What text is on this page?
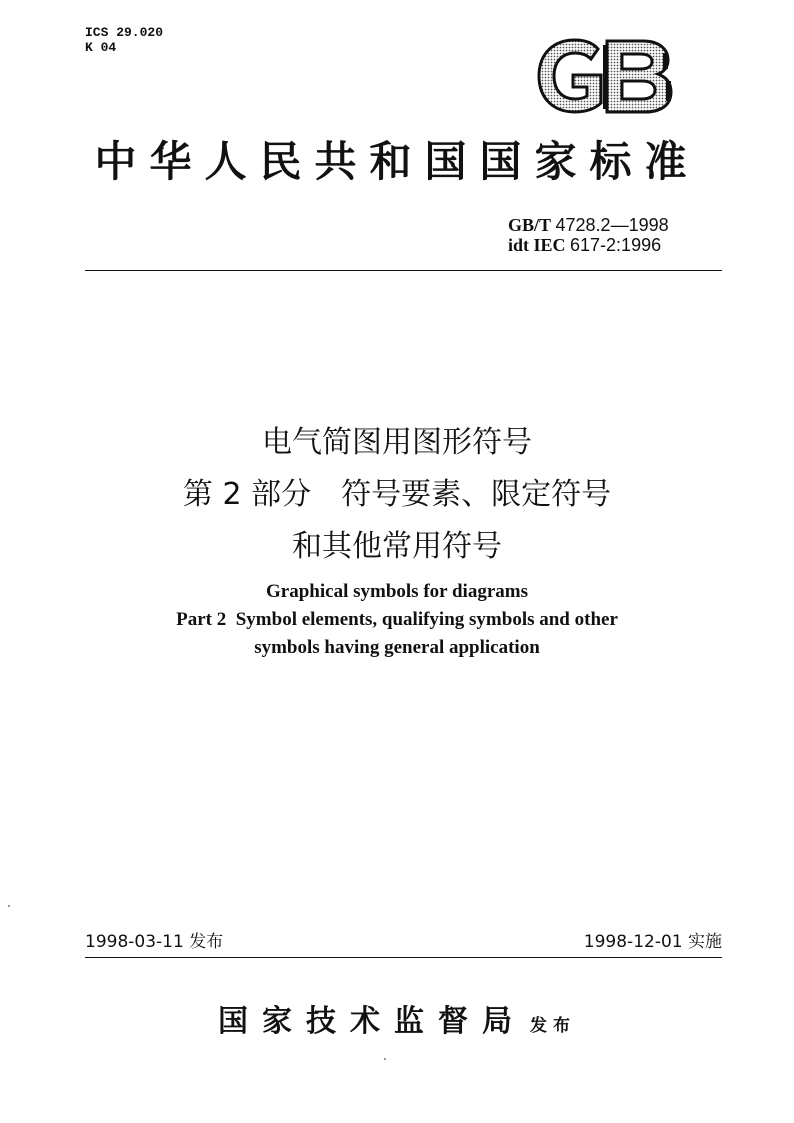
ICS 29.020
K 04
中华人民共和国国家标准
GB/T 4728.2—1998
idt IEC 617-2:1996
电气简图用图形符号
第 2 部分　符号要素、限定符号
和其他常用符号
Graphical symbols for diagrams
Part 2 Symbol elements, qualifying symbols and other
symbols having general application
1998-03-11 发布	1998-12-01 实施
国家技术监督局 发布
